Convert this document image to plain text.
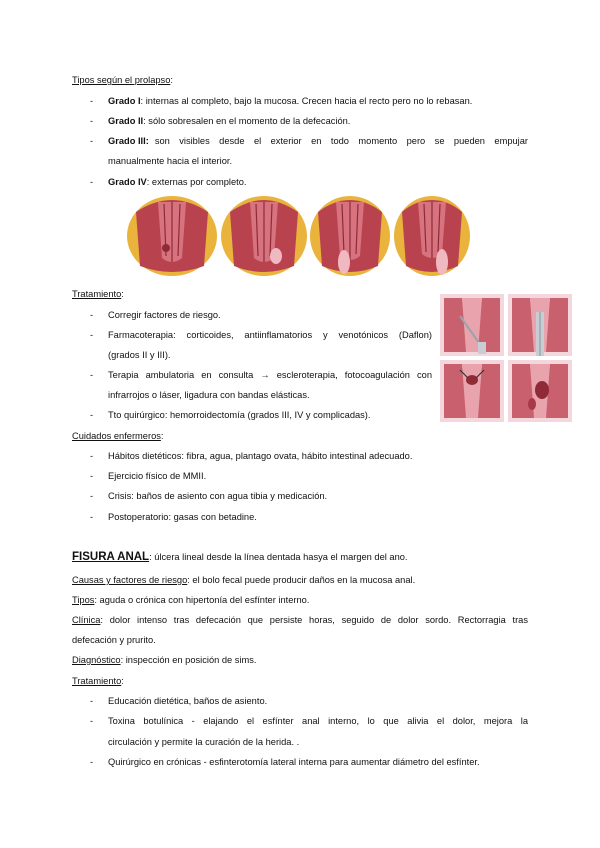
Tipos según el prolapso:
- Grado I: internas al completo, bajo la mucosa. Crecen hacia el recto pero no lo rebasan.
- Grado II: sólo sobresalen en el momento de la defecación.
- Grado III: son visibles desde el exterior en todo momento pero se pueden empujar
manualmente hacia el interior.
- Grado IV: externas por completo.
Tratamiento:
- Corregir factores de riesgo.
- Farmacoterapia: corticoides, antiinflamatorios y venotónicos (Daflon)
(grados II y III).
- Terapia ambulatoria en consulta → escleroterapia, fotocoagulación con
infrarrojos o láser, ligadura con bandas elásticas.
- Tto quirúrgico: hemorroidectomía (grados III, IV y complicadas).
Cuidados enfermeros:
- Hábitos dietéticos: fibra, agua, plantago ovata, hábito intestinal adecuado.
- Ejercicio físico de MMII.
- Crisis: baños de asiento con agua tibia y medicación.
- Postoperatorio: gasas con betadine.
FISURA ANAL: úlcera lineal desde la línea dentada hasya el margen del ano.
Causas y factores de riesgo: el bolo fecal puede producir daños en la mucosa anal.
Tipos: aguda o crónica con hipertonía del esfínter interno.
Clínica: dolor intenso tras defecación que persiste horas, seguido de dolor sordo. Rectorragia tras
defecación y prurito.
Diagnóstico: inspección en posición de sims.
Tratamiento:
- Educación dietética, baños de asiento.
- Toxina botulínica - elajando el esfínter anal interno, lo que alivia el dolor, mejora la
circulación y permite la curación de la herida. .
- Quirúrgico en crónicas - esfinterotomía lateral interna para aumentar diámetro del esfínter.
